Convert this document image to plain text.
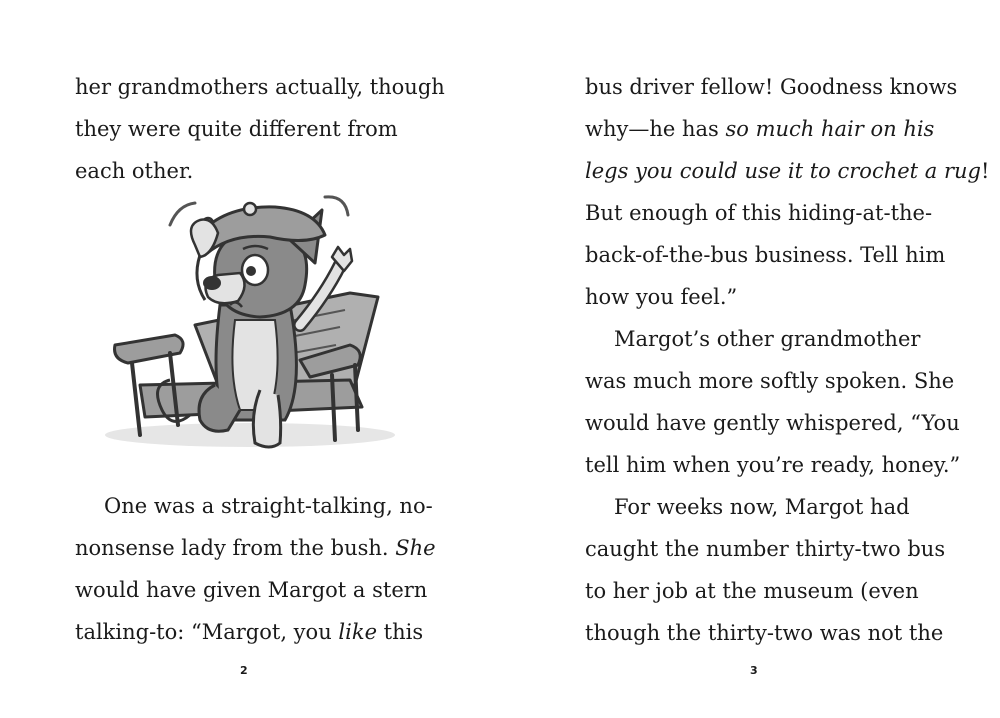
her grandmothers actually, though
they were quite different from
each other.
One was a straight-talking, no-
nonsense lady from the bush. She
would have given Margot a stern
talking-to: “Margot, you like this
2
bus driver fellow! Goodness knows
why—he has so much hair on his
legs you could use it to crochet a rug!
But enough of this hiding-at-the-
back-of-the-bus business. Tell him
how you feel.”
Margot’s other grandmother
was much more softly spoken. She
would have gently whispered, “You
tell him when you’re ready, honey.”
For weeks now, Margot had
caught the number thirty-two bus
to her job at the museum (even
though the thirty-two was not the
3
